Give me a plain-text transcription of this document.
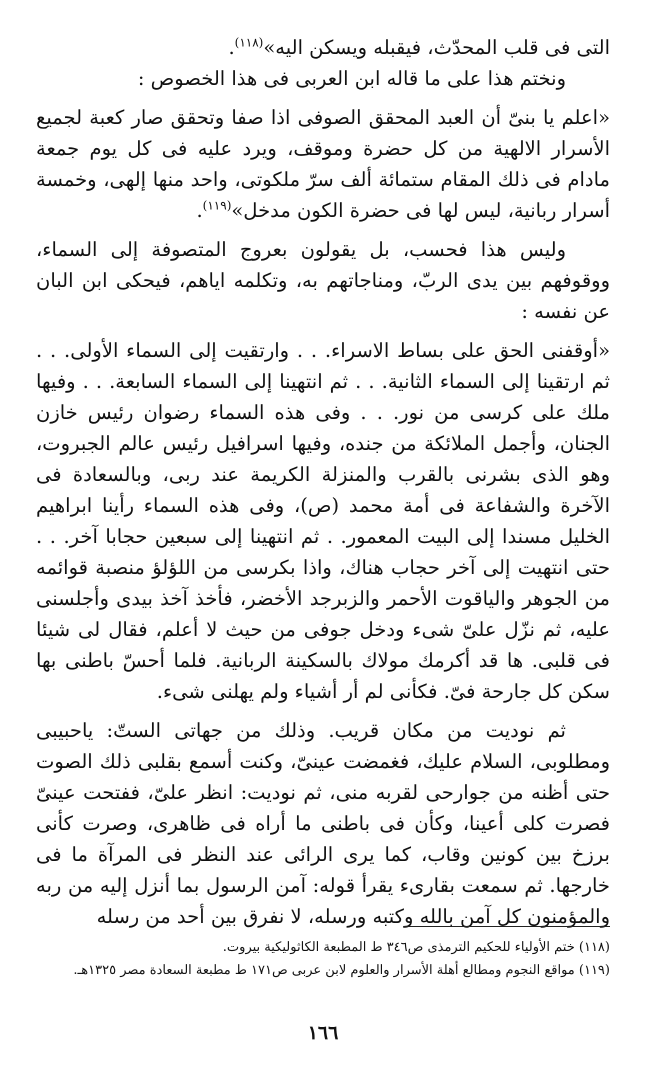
التى فى قلب المحدّث، فيقبله ويسكن اليه»$^{(١١٨)}$.

ونختم هذا على ما قاله ابن العربى فى هذا الخصوص :

«اعلم يا بنىّ أن العبد المحقق الصوفى اذا صفا وتحقق صار كعبة لجميع الأسرار الالهية من كل حضرة وموقف، ويرد عليه فى كل يوم جمعة مادام فى ذلك المقام ستمائة ألف سرّ ملكوتى، واحد منها إلهى، وخمسة أسرار ربانية، ليس لها فى حضرة الكون مدخل»$^{(١١٩)}$.

وليس هذا فحسب، بل يقولون بعروج المتصوفة إلى السماء، ووقوفهم بين يدى الربّ، ومناجاتهم به، وتكلمه اياهم، فيحكى ابن البان عن نفسه :

«أوقفنى الحق على بساط الاسراء. . . وارتقيت إلى السماء الأولى. . . ثم ارتقينا إلى السماء الثانية. . . ثم انتهينا إلى السماء السابعة. . . وفيها ملك على كرسى من نور. . . وفى هذه السماء رضوان رئيس خازن الجنان، وأجمل الملائكة من جنده، وفيها اسرافيل رئيس عالم الجبروت، وهو الذى بشرنى بالقرب والمنزلة الكريمة عند ربى، وبالسعادة فى الآخرة والشفاعة فى أمة محمد (ص)، وفى هذه السماء رأينا ابراهيم الخليل مسندا إلى البيت المعمور. . ثم انتهينا إلى سبعين حجابا آخر. . . حتى انتهيت إلى آخر حجاب هناك، واذا بكرسى من اللؤلؤ منصبة قوائمه من الجوهر والياقوت الأحمر والزبرجد الأخضر، فأخذ آخذ بيدى وأجلسنى عليه، ثم نزّل علىّ شىء ودخل جوفى من حيث لا أعلم، فقال لى شيئا فى قلبى. ها قد أكرمك مولاك بالسكينة الربانية. فلما أحسّ باطنى بها سكن كل جارحة فىّ. فكأنى لم أر أشياء ولم يهلنى شىء.

ثم نوديت من مكان قريب. وذلك من جهاتى الستّ: ياحبيبى ومطلوبى، السلام عليك، فغمضت عينىّ، وكنت أسمع بقلبى ذلك الصوت حتى أظنه من جوارحى لقربه منى، ثم نوديت: انظر علىّ، ففتحت عينىّ فصرت كلى أعينا، وكأن فى باطنى ما أراه فى ظاهرى، وصرت كأنى برزخ بين كونين وقاب، كما يرى الرائى عند النظر فى المرآة ما فى خارجها. ثم سمعت بقارىء يقرأ قوله: آمن الرسول بما أنزل إليه من ربه والمؤمنون كل آمن بالله وكتبه ورسله، لا نفرق بين أحد من رسله

(١١٨) ختم الأولياء للحكيم الترمذى ص٣٤٦ ط المطبعة الكاثوليكية بيروت.

(١١٩) مواقع النجوم ومطالع أهلة الأسرار والعلوم لابن عربى ص١٧١ ط مطبعة السعادة مصر ١٣٢٥هـ.

١٦٦
